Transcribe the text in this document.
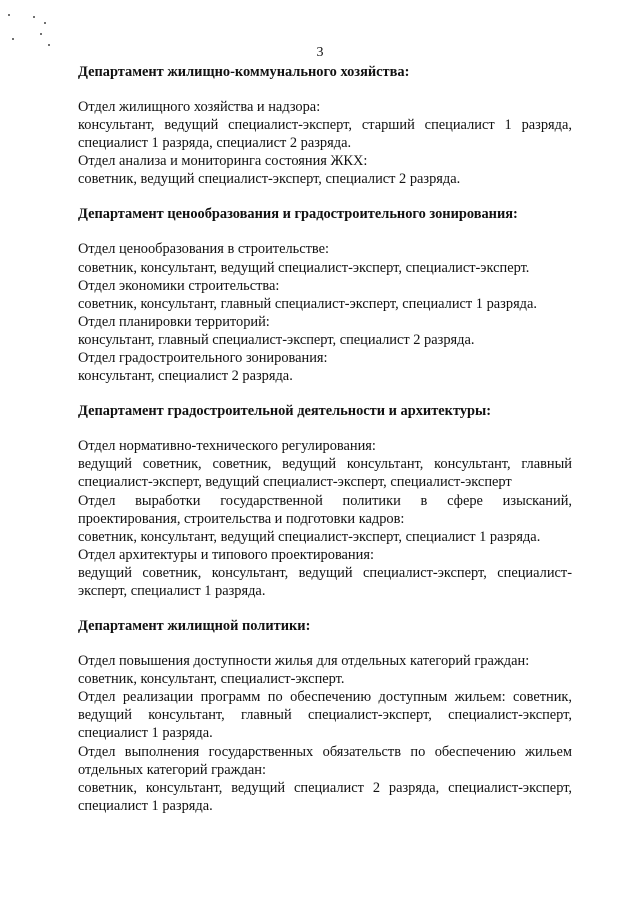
3

Департамент жилищно-коммунального хозяйства:

Отдел жилищного хозяйства и надзора:

консультант, ведущий специалист-эксперт, старший специалист 1 разряда,

специалист 1 разряда, специалист 2 разряда.

Отдел анализа и мониторинга состояния ЖКХ:

советник, ведущий специалист-эксперт, специалист 2 разряда.

Департамент ценообразования и градостроительного зонирования:

Отдел ценообразования в строительстве:

советник, консультант, ведущий специалист-эксперт, специалист-эксперт.

Отдел экономики строительства:

советник, консультант, главный специалист-эксперт, специалист 1 разряда.

Отдел планировки территорий:

консультант, главный специалист-эксперт, специалист 2 разряда.

Отдел градостроительного зонирования:

консультант, специалист 2 разряда.

Департамент градостроительной деятельности и архитектуры:

Отдел нормативно-технического регулирования:

ведущий советник, советник, ведущий консультант, консультант, главный

специалист-эксперт, ведущий специалист-эксперт, специалист-эксперт

Отдел выработки государственной политики в сфере изысканий,

проектирования, строительства и подготовки кадров:

советник, консультант, ведущий специалист-эксперт, специалист 1 разряда.

Отдел архитектуры и типового проектирования:

ведущий советник, консультант, ведущий специалист-эксперт, специалист-

эксперт, специалист 1 разряда.

Департамент жилищной политики:

Отдел повышения доступности жилья для отдельных категорий граждан:

советник, консультант, специалист-эксперт.

Отдел реализации программ по обеспечению доступным жильем: советник,

ведущий консультант, главный специалист-эксперт, специалист-эксперт,

специалист 1 разряда.

Отдел выполнения государственных обязательств по обеспечению жильем

отдельных категорий граждан:

советник, консультант, ведущий специалист 2 разряда, специалист-эксперт,

специалист 1 разряда.
